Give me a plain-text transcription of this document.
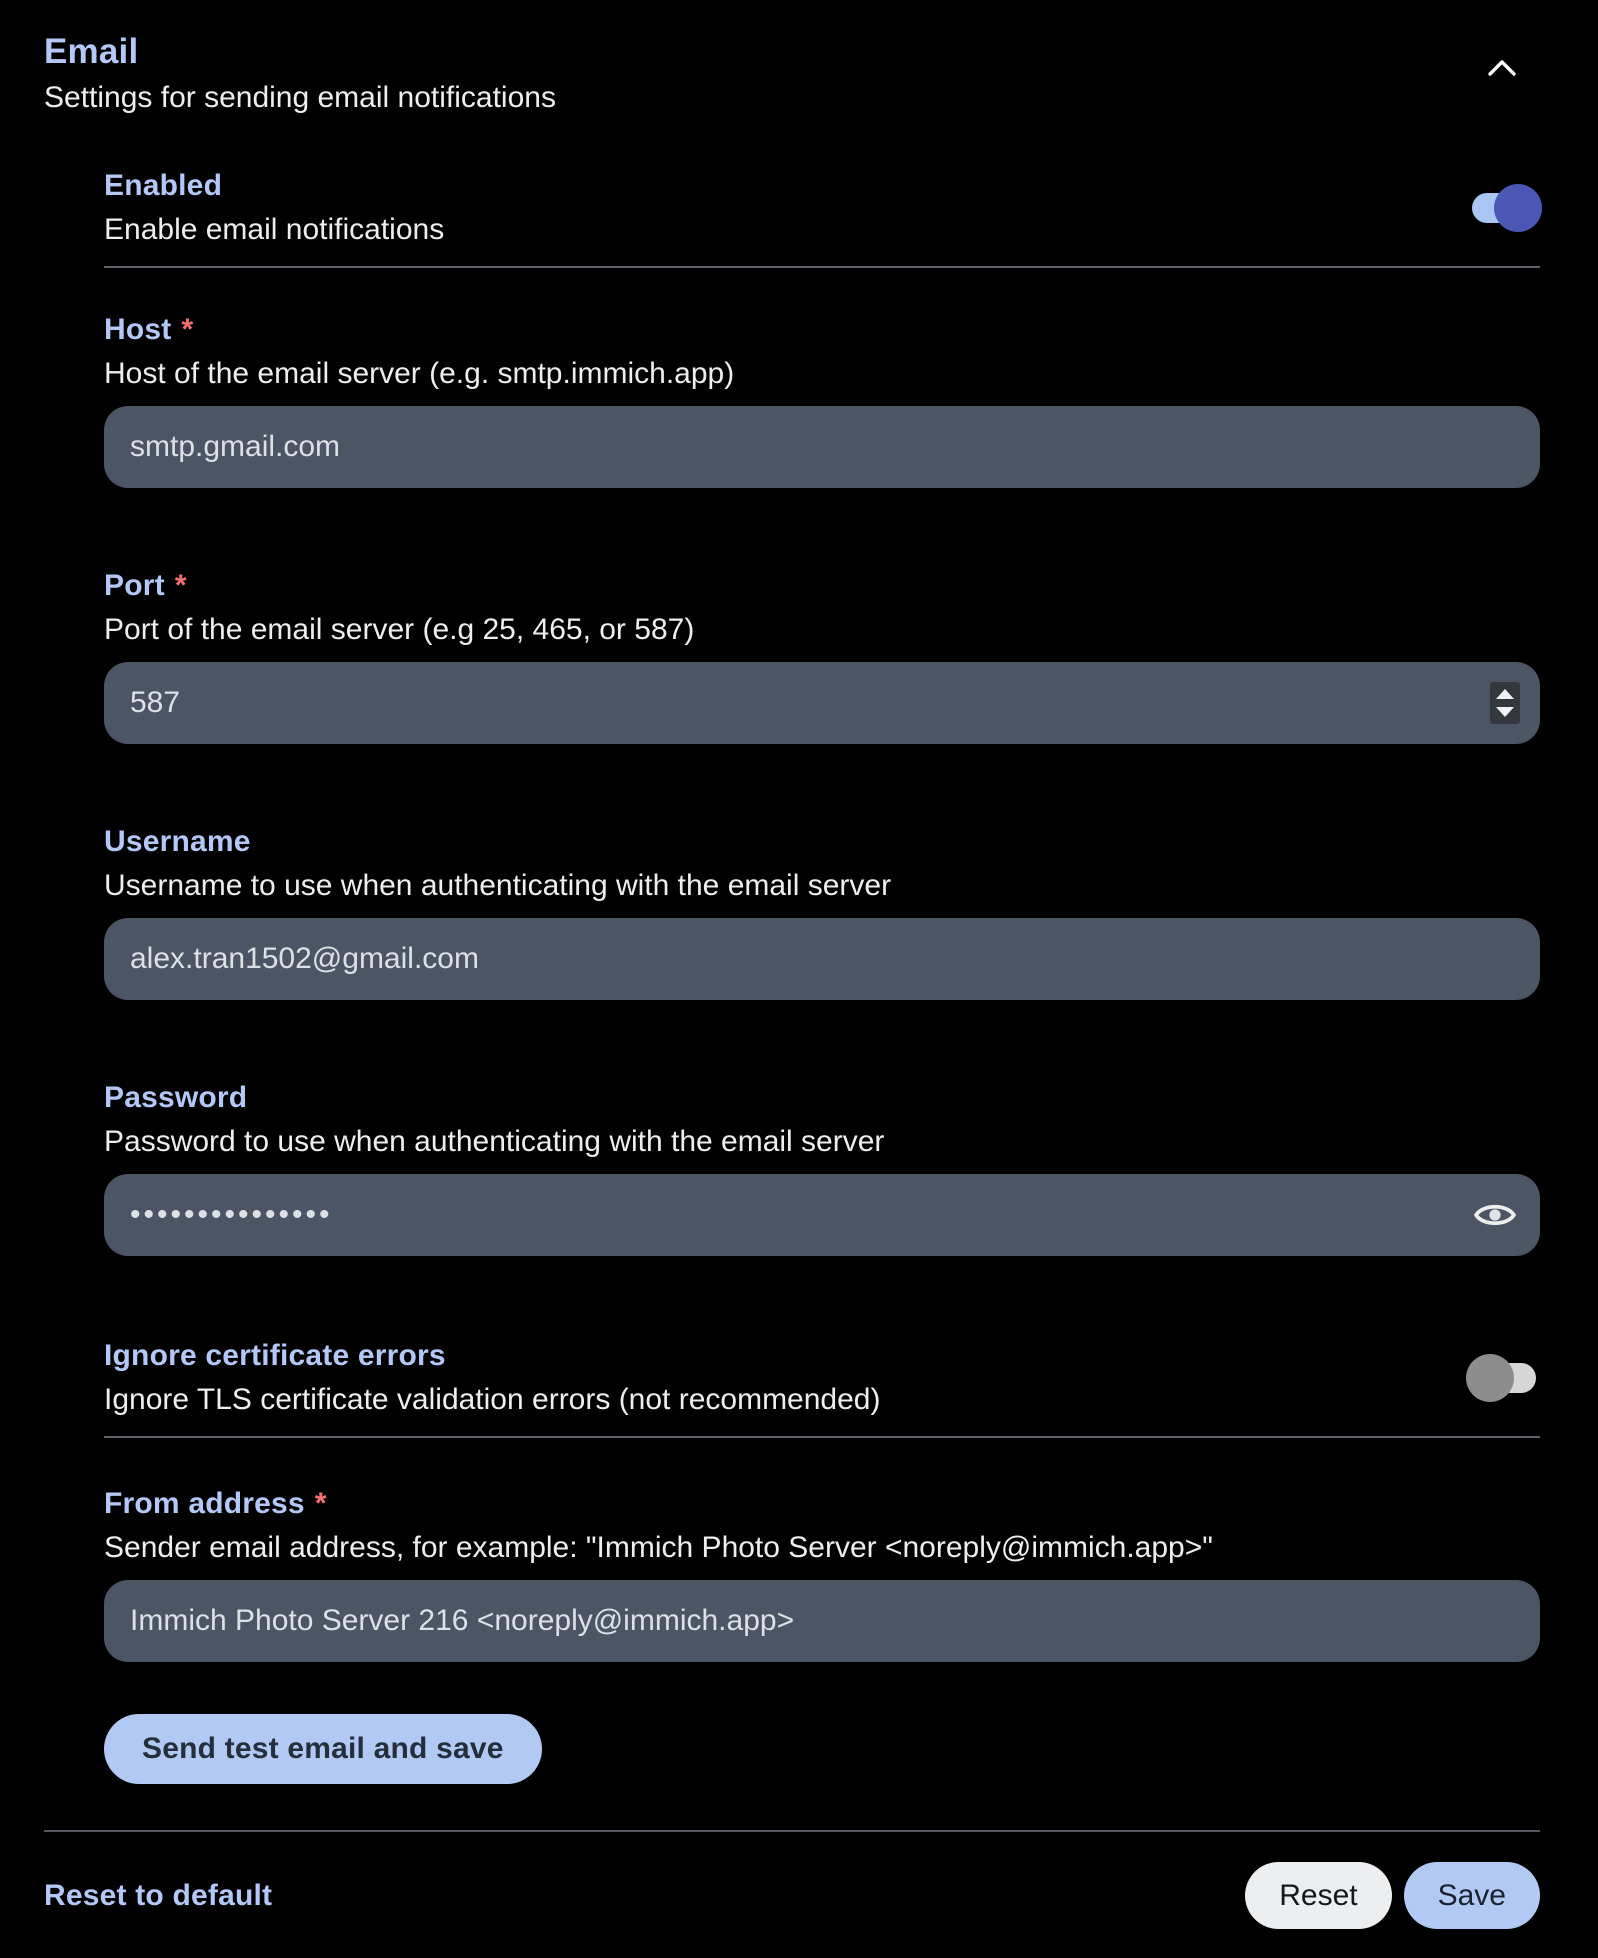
Email

Settings for sending email notifications

Enabled
Enable email notifications
Host *
Host of the email server (e.g. smtp.immich.app)
smtp.gmail.com
Port *
Port of the email server (e.g 25, 465, or 587)
587
Username
Username to use when authenticating with the email server
alex.tran1502@gmail.com
Password
Password to use when authenticating with the email server
•••••••••••••••
Ignore certificate errors
Ignore TLS certificate validation errors (not recommended)
From address *
Sender email address, for example: "Immich Photo Server <noreply@immich.app>"
Immich Photo Server 216 <noreply@immich.app>
Send test email and save
Reset to default	Reset	Save
